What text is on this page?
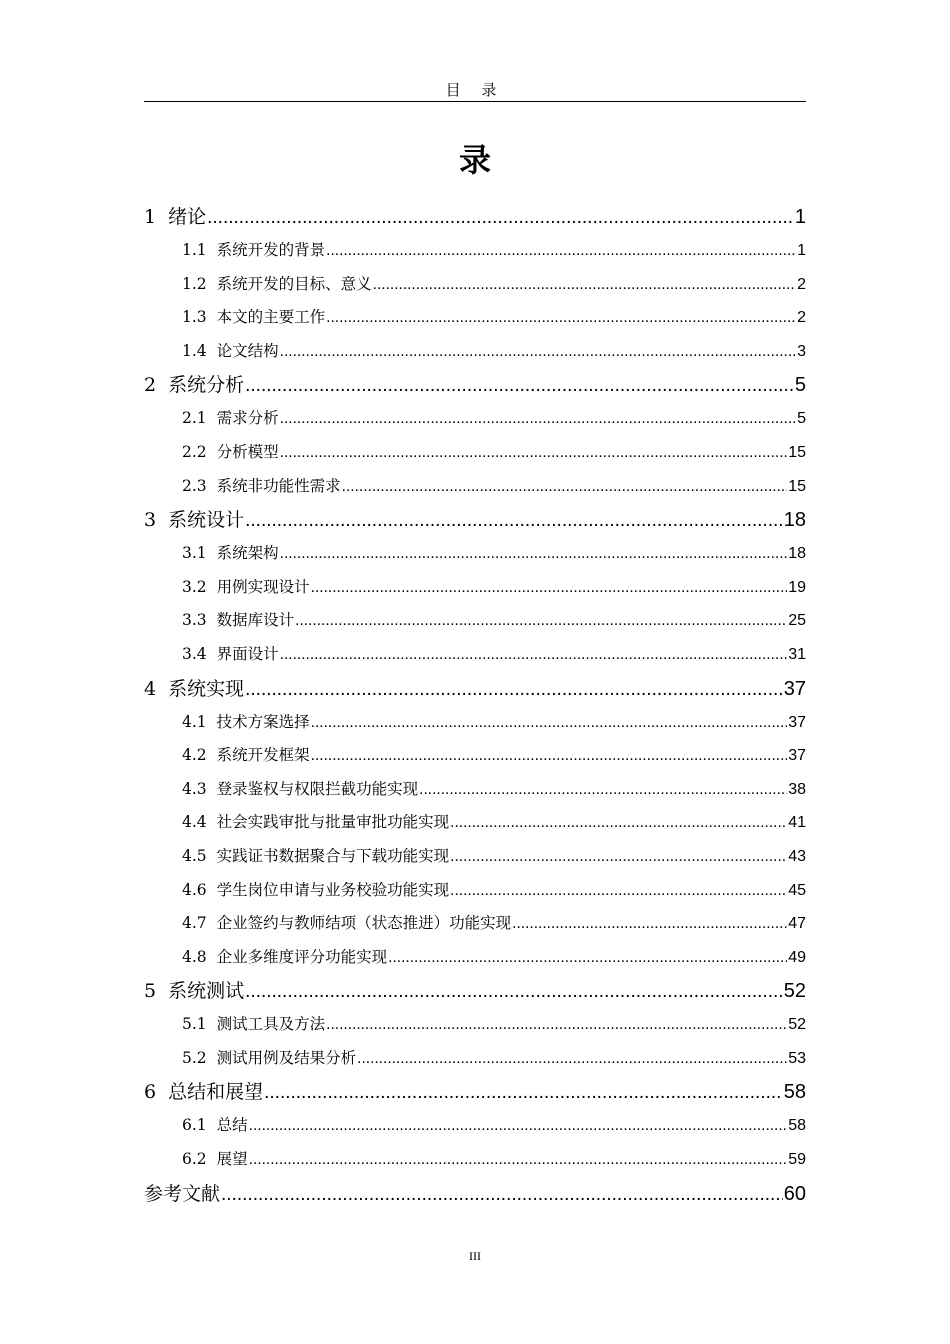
目 录
录
1 绪论 .....	1
1.1 系统开发的背景 .....	1
1.2 系统开发的目标、意义 .....	2
1.3 本文的主要工作 .....	2
1.4 论文结构 .....	3
2 系统分析 .....	5
2.1 需求分析 .....	5
2.2 分析模型 .....	15
2.3 系统非功能性需求 .....	15
3 系统设计 .....	18
3.1 系统架构 .....	18
3.2 用例实现设计 .....	19
3.3 数据库设计 .....	25
3.4 界面设计 .....	31
4 系统实现 .....	37
4.1 技术方案选择 .....	37
4.2 系统开发框架 .....	37
4.3 登录鉴权与权限拦截功能实现 .....	38
4.4 社会实践审批与批量审批功能实现 .....	41
4.5 实践证书数据聚合与下载功能实现 .....	43
4.6 学生岗位申请与业务校验功能实现 .....	45
4.7 企业签约与教师结项（状态推进）功能实现 .....	47
4.8 企业多维度评分功能实现 .....	49
5 系统测试 .....	52
5.1 测试工具及方法 .....	52
5.2 测试用例及结果分析 .....	53
6 总结和展望 .....	58
6.1 总结 .....	58
6.2 展望 .....	59
参考文献 .....	60
III
